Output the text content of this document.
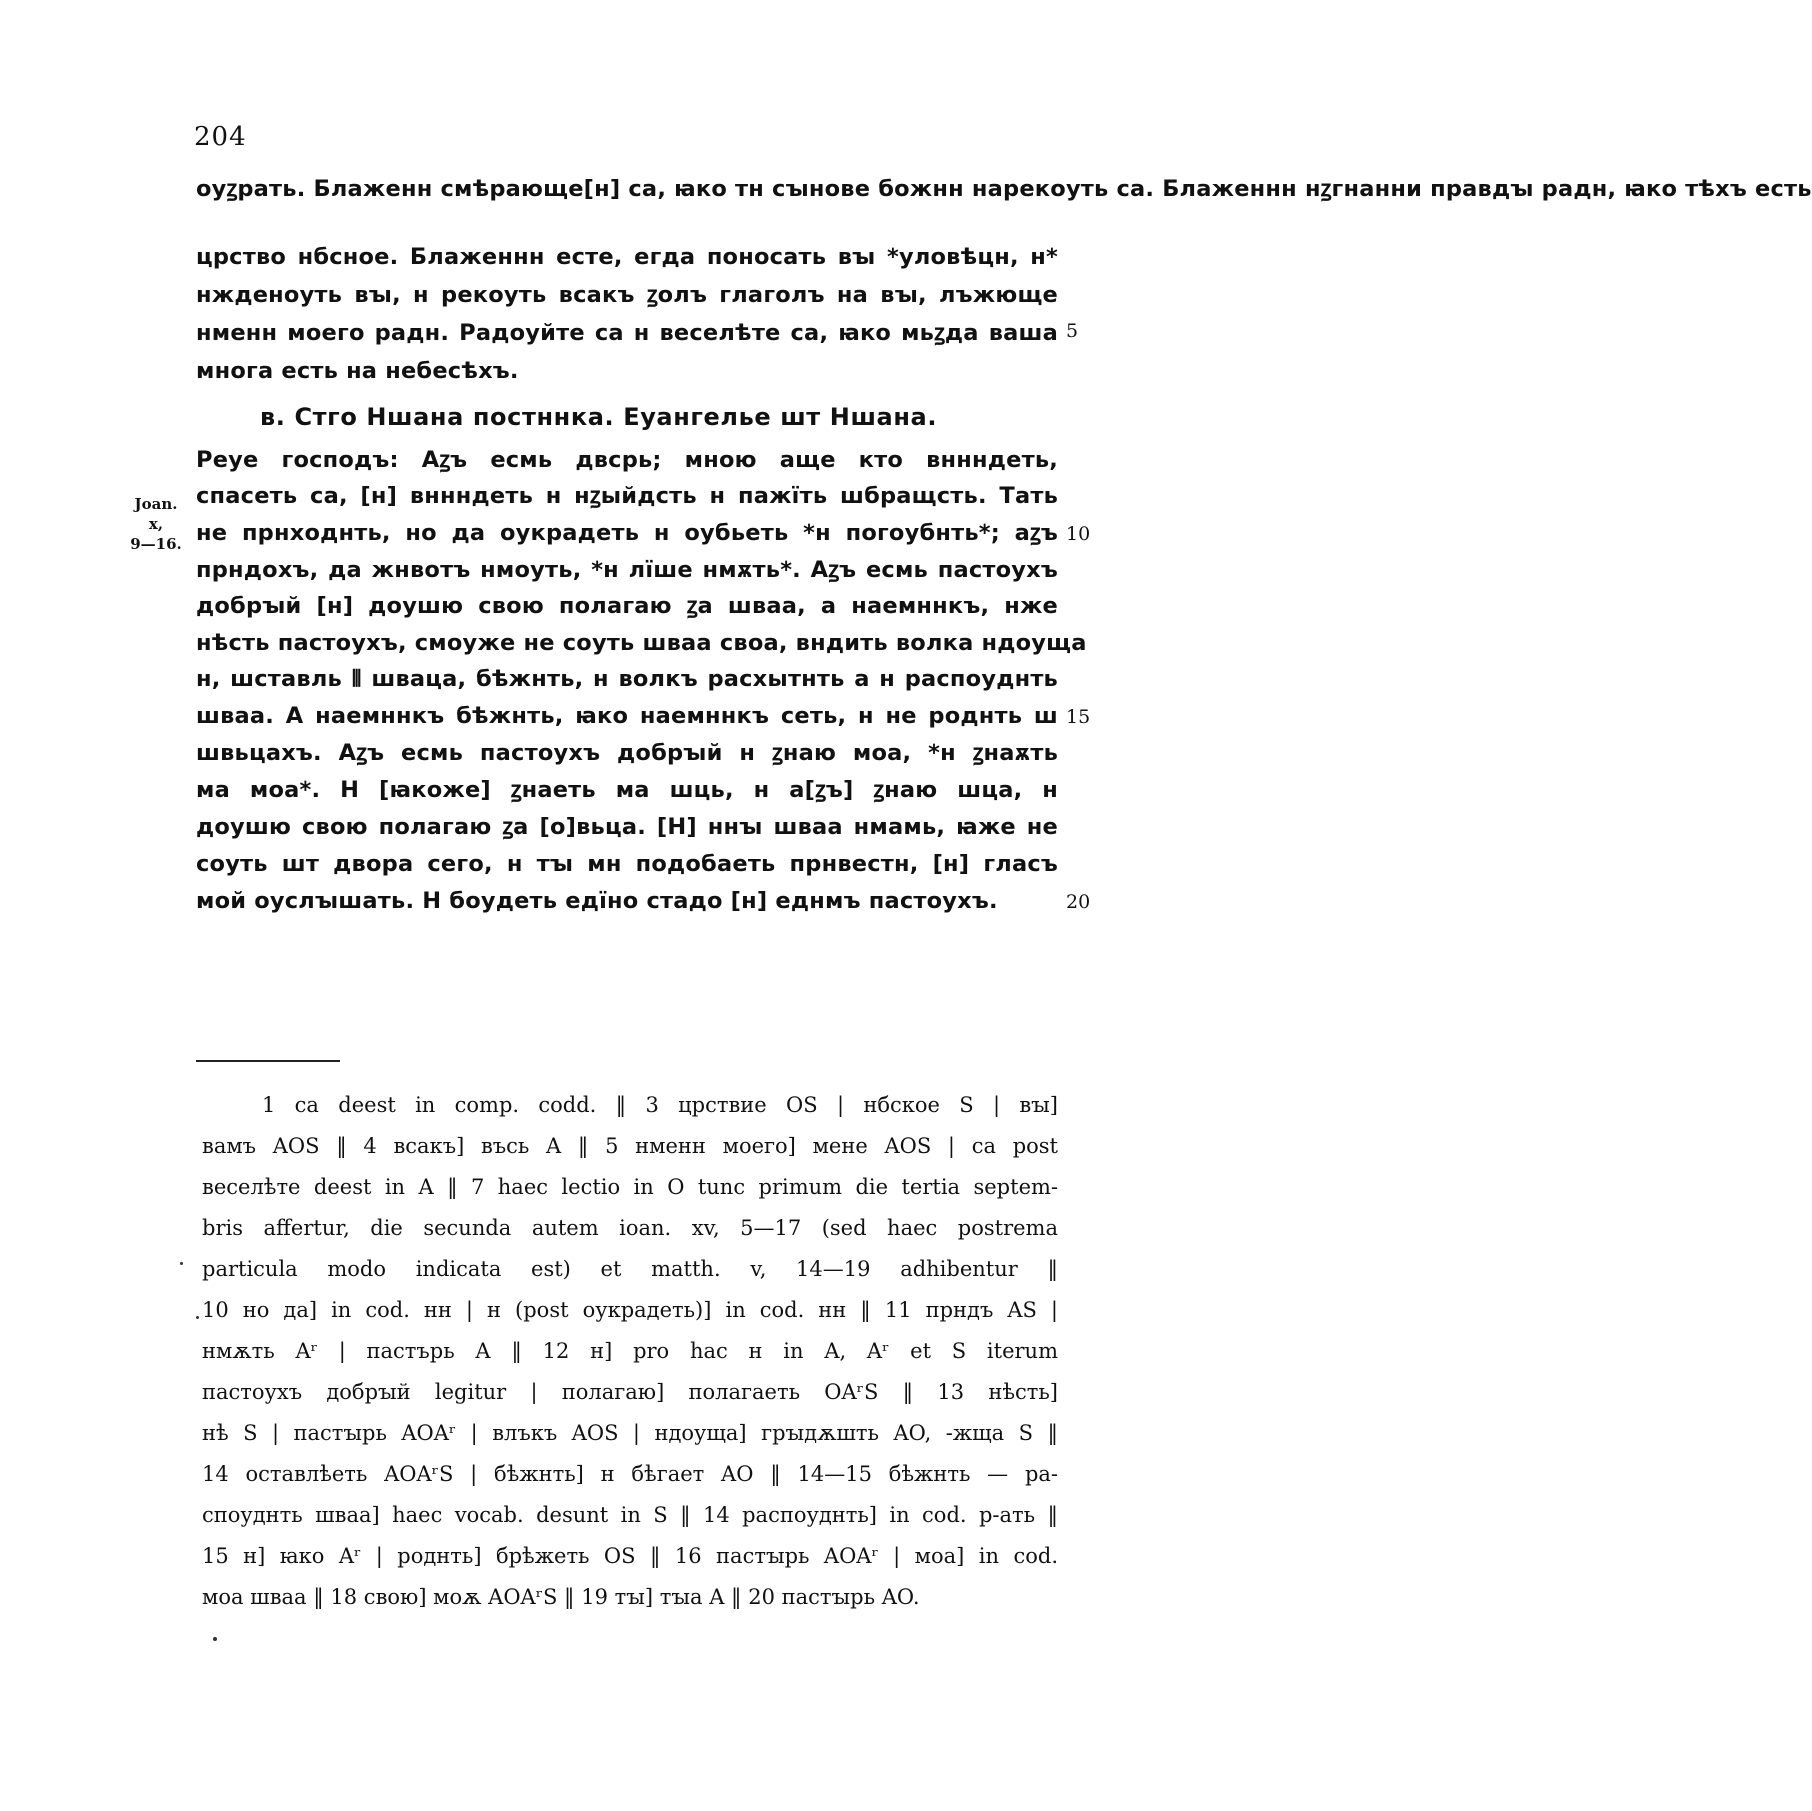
204
оуꙁрать. Блаженн смѣрающе[н] са, ꙗко тн сꙑнове божнн нарекоуть са. Блаженнн нꙁгнанни правдꙑ радн, ꙗко тѣхъ есть
црство нбсное. Блаженнн есте, егда поносать вꙑ *уловѣцн, н*
нжденоуть вꙑ, н рекоуть всакъ ꙁолъ глаголъ на вꙑ, лъжюще
нменн моего радн. Радоуйте са н веселѣте са, ꙗко мьꙁда ваша
многа есть на небесѣхъ.
5
в. Стго Ншана постннка. Еуангелье шт Ншана.
Joan.
x,
9—16.
Реуе господъ: Аꙁъ есмь двсрь; мною аще кто вннндеть,
спасеть са, [н] вннндеть н нꙁыйдсть н пажїть шбращсть. Тать
не прнходнть, но да оукрадеть н оубьеть *н погоубнть*; аꙁъ
прндохъ, да жнвотъ нмоуть, *н лїше нмѫть*. Аꙁъ есмь пастоухъ
добрꙑй [н] доушю свою полагаю ꙁа шваа, а наемннкъ, нже
нѣсть пастоухъ, смоуже не соуть шваа своа, вндить волка ндоуща
н, шставль ⦀ шваца, бѣжнть, н волкъ расхытнть а н распоуднть
шваа. А наемннкъ бѣжнть, ꙗко наемннкъ сеть, н не роднть ш
швьцахъ. Аꙁъ есмь пастоухъ добрꙑй н ꙁнаю моа, *н ꙁнаѫть
ма моа*. Н [ꙗкоже] ꙁнаеть ма шць, н а[ꙁъ] ꙁнаю шца, н
доушю свою полагаю ꙁа [о]вьца. [Н] ннꙑ шваа нмамь, ꙗже не
соуть шт двора сего, н тꙑ мн подобаеть прнвестн, [н] гласъ
мой оуслꙑшать. Н боудеть едїно стадо [н] еднмъ пастоухъ.
10
15
20
1 са deest in comp. codd. ‖ 3 црствие OS | нбское S | вꙑ]
вамъ AOS ‖ 4 всакъ] въсь A ‖ 5 нменн моего] мене AOS | са post
веселѣте deest in A ‖ 7 haec lectio in O tunc primum die tertia septem-
bris affertur, die secunda autem ioan. xv, 5—17 (sed haec postrema
particula modo indicata est) et matth. v, 14—19 adhibentur ‖
10 но да] in cod. нн | н (post оукрадеть)] in cod. нн ‖ 11 прндъ AS |
нмѫть Aʳ | пастърь A ‖ 12 н] pro hac н in A, Aʳ et S iterum
пастоухъ добрꙑй legitur | полагаю] полагаеть OAʳS ‖ 13 нѣсть]
нѣ S | пастꙑрь AOAʳ | влъкъ AOS | ндоуща] грꙑдѫшть AO, -жща S ‖
14 оставлѣеть AOAʳS | бѣжнть] н бѣгает AO ‖ 14—15 бѣжнть — ра-
споуднть шваа] haec vocab. desunt in S ‖ 14 распоуднть] in cod. р-ать ‖
15 н] ꙗко Aʳ | роднть] брѣжеть OS ‖ 16 пастꙑрь AOAʳ | моа] in cod.
моа шваа ‖ 18 свою] моѫ AOAʳS ‖ 19 тꙑ] тꙑа A ‖ 20 пастꙑрь AO.
